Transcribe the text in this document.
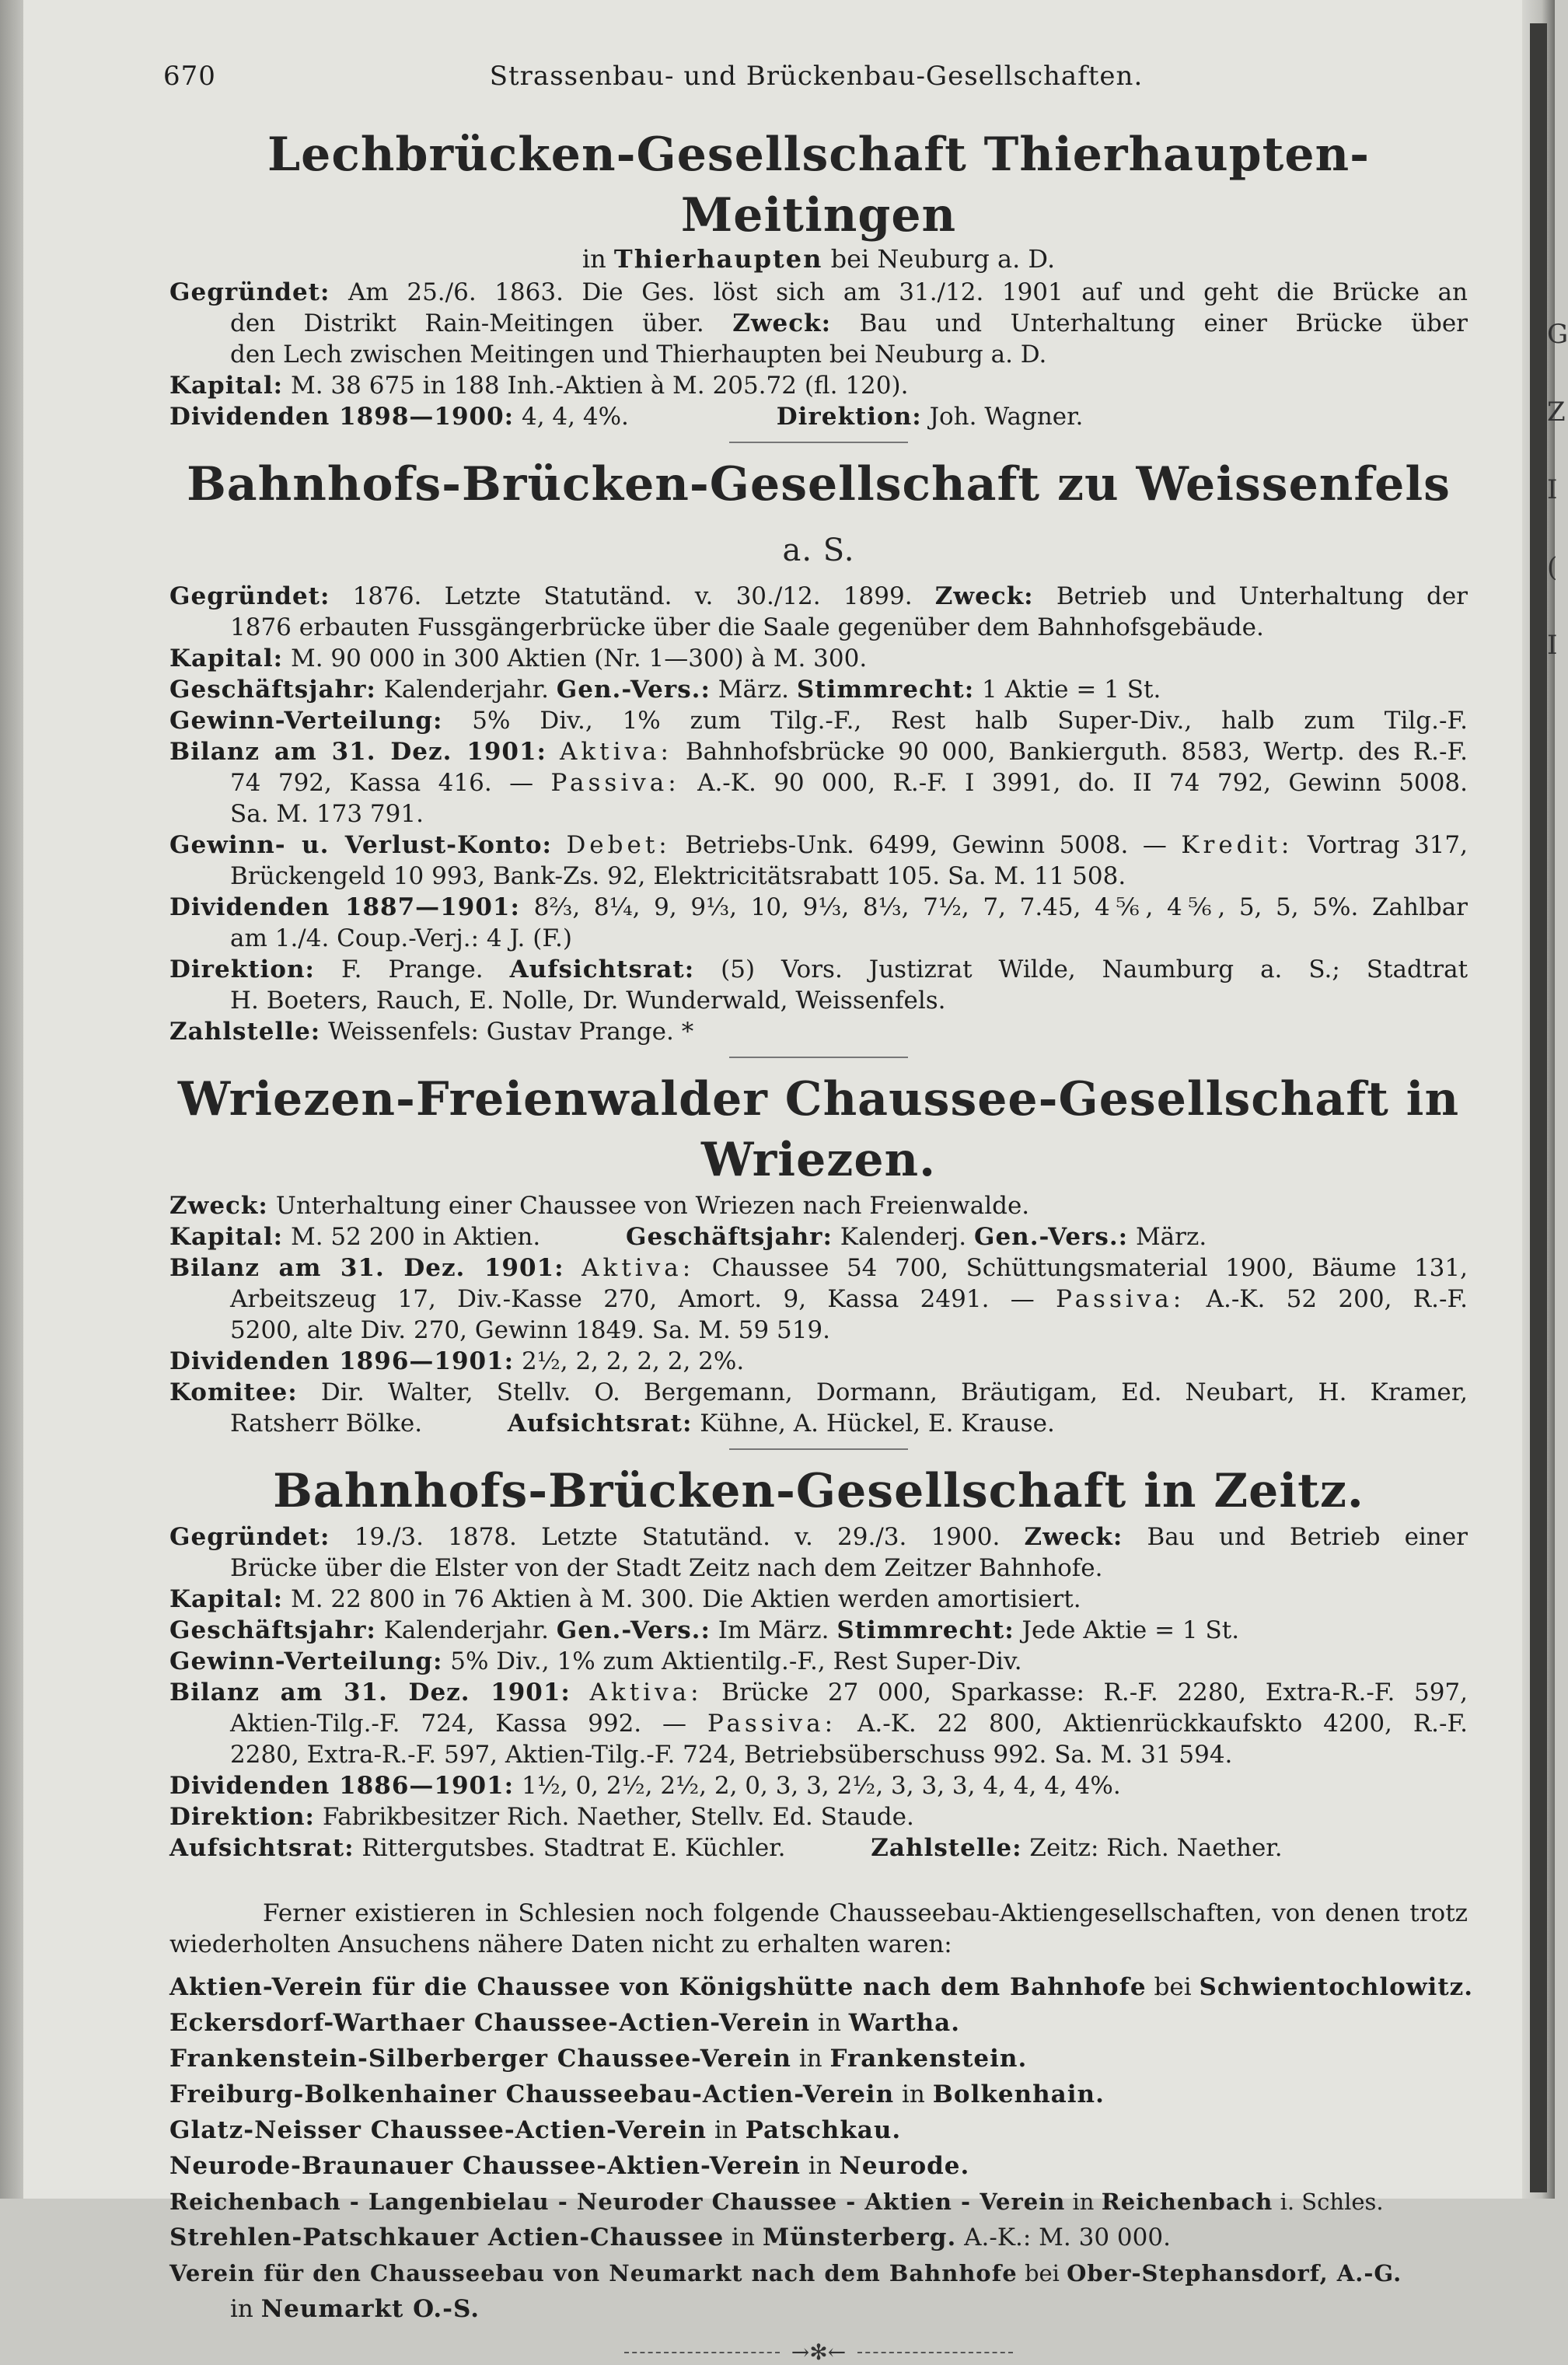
G
Z
I
(
I
670	Strassenbau- und Brückenbau-Gesellschaften.
Lechbrücken-Gesellschaft Thierhaupten-Meitingen
in Thierhaupten bei Neuburg a. D.
Gegründet: Am 25./6. 1863. Die Ges. löst sich am 31./12. 1901 auf und geht die Brücke an
den Distrikt Rain-Meitingen über. Zweck: Bau und Unterhaltung einer Brücke über
den Lech zwischen Meitingen und Thierhaupten bei Neuburg a. D.
Kapital: M. 38 675 in 188 Inh.-Aktien à M. 205.72 (fl. 120).
Dividenden 1898—1900: 4, 4, 4%.	Direktion: Joh. Wagner.
Bahnhofs-Brücken-Gesellschaft zu Weissenfels a. S.
Gegründet: 1876. Letzte Statutänd. v. 30./12. 1899. Zweck: Betrieb und Unterhaltung der
1876 erbauten Fussgängerbrücke über die Saale gegenüber dem Bahnhofsgebäude.
Kapital: M. 90 000 in 300 Aktien (Nr. 1—300) à M. 300.
Geschäftsjahr: Kalenderjahr. Gen.-Vers.: März. Stimmrecht: 1 Aktie = 1 St.
Gewinn-Verteilung: 5% Div., 1% zum Tilg.-F., Rest halb Super-Div., halb zum Tilg.-F.
Bilanz am 31. Dez. 1901: Aktiva: Bahnhofsbrücke 90 000, Bankierguth. 8583, Wertp. des R.-F.
74 792, Kassa 416. — Passiva: A.-K. 90 000, R.-F. I 3991, do. II 74 792, Gewinn 5008.
Sa. M. 173 791.
Gewinn- u. Verlust-Konto: Debet: Betriebs-Unk. 6499, Gewinn 5008. — Kredit: Vortrag 317,
Brückengeld 10 993, Bank-Zs. 92, Elektricitätsrabatt 105. Sa. M. 11 508.
Dividenden 1887—1901: 8⅔, 8¼, 9, 9⅓, 10, 9⅓, 8⅓, 7½, 7, 7.45, 4⅚, 4⅚, 5, 5, 5%. Zahlbar
am 1./4. Coup.-Verj.: 4 J. (F.)
Direktion: F. Prange. Aufsichtsrat: (5) Vors. Justizrat Wilde, Naumburg a. S.; Stadtrat
H. Boeters, Rauch, E. Nolle, Dr. Wunderwald, Weissenfels.
Zahlstelle: Weissenfels: Gustav Prange. *
Wriezen-Freienwalder Chaussee-Gesellschaft in Wriezen.
Zweck: Unterhaltung einer Chaussee von Wriezen nach Freienwalde.
Kapital: M. 52 200 in Aktien.	Geschäftsjahr: Kalenderj. Gen.-Vers.: März.
Bilanz am 31. Dez. 1901: Aktiva: Chaussee 54 700, Schüttungsmaterial 1900, Bäume 131,
Arbeitszeug 17, Div.-Kasse 270, Amort. 9, Kassa 2491. — Passiva: A.-K. 52 200, R.-F.
5200, alte Div. 270, Gewinn 1849. Sa. M. 59 519.
Dividenden 1896—1901: 2½, 2, 2, 2, 2, 2%.
Komitee: Dir. Walter, Stellv. O. Bergemann, Dormann, Bräutigam, Ed. Neubart, H. Kramer,
Ratsherr Bölke.	Aufsichtsrat: Kühne, A. Hückel, E. Krause.
Bahnhofs-Brücken-Gesellschaft in Zeitz.
Gegründet: 19./3. 1878. Letzte Statutänd. v. 29./3. 1900. Zweck: Bau und Betrieb einer
Brücke über die Elster von der Stadt Zeitz nach dem Zeitzer Bahnhofe.
Kapital: M. 22 800 in 76 Aktien à M. 300. Die Aktien werden amortisiert.
Geschäftsjahr: Kalenderjahr. Gen.-Vers.: Im März. Stimmrecht: Jede Aktie = 1 St.
Gewinn-Verteilung: 5% Div., 1% zum Aktientilg.-F., Rest Super-Div.
Bilanz am 31. Dez. 1901: Aktiva: Brücke 27 000, Sparkasse: R.-F. 2280, Extra-R.-F. 597,
Aktien-Tilg.-F. 724, Kassa 992. — Passiva: A.-K. 22 800, Aktienrückkaufskto 4200, R.-F.
2280, Extra-R.-F. 597, Aktien-Tilg.-F. 724, Betriebsüberschuss 992. Sa. M. 31 594.
Dividenden 1886—1901: 1½, 0, 2½, 2½, 2, 0, 3, 3, 2½, 3, 3, 3, 4, 4, 4, 4%.
Direktion: Fabrikbesitzer Rich. Naether, Stellv. Ed. Staude.
Aufsichtsrat: Rittergutsbes. Stadtrat E. Küchler.	Zahlstelle: Zeitz: Rich. Naether.
Ferner existieren in Schlesien noch folgende Chausseebau-Aktiengesellschaften, von denen trotz wiederholten Ansuchens nähere Daten nicht zu erhalten waren:
Aktien-Verein für die Chaussee von Königshütte nach dem Bahnhofe bei Schwientochlowitz.
Eckersdorf-Warthaer Chaussee-Actien-Verein in Wartha.
Frankenstein-Silberberger Chaussee-Verein in Frankenstein.
Freiburg-Bolkenhainer Chausseebau-Actien-Verein in Bolkenhain.
Glatz-Neisser Chaussee-Actien-Verein in Patschkau.
Neurode-Braunauer Chaussee-Aktien-Verein in Neurode.
Reichenbach - Langenbielau - Neuroder Chaussee - Aktien - Verein in Reichenbach i. Schles.
Strehlen-Patschkauer Actien-Chaussee in Münsterberg. A.-K.: M. 30 000.
Verein für den Chausseebau von Neumarkt nach dem Bahnhofe bei Ober-Stephansdorf, A.-G.
in Neumarkt O.-S.
→✻←
